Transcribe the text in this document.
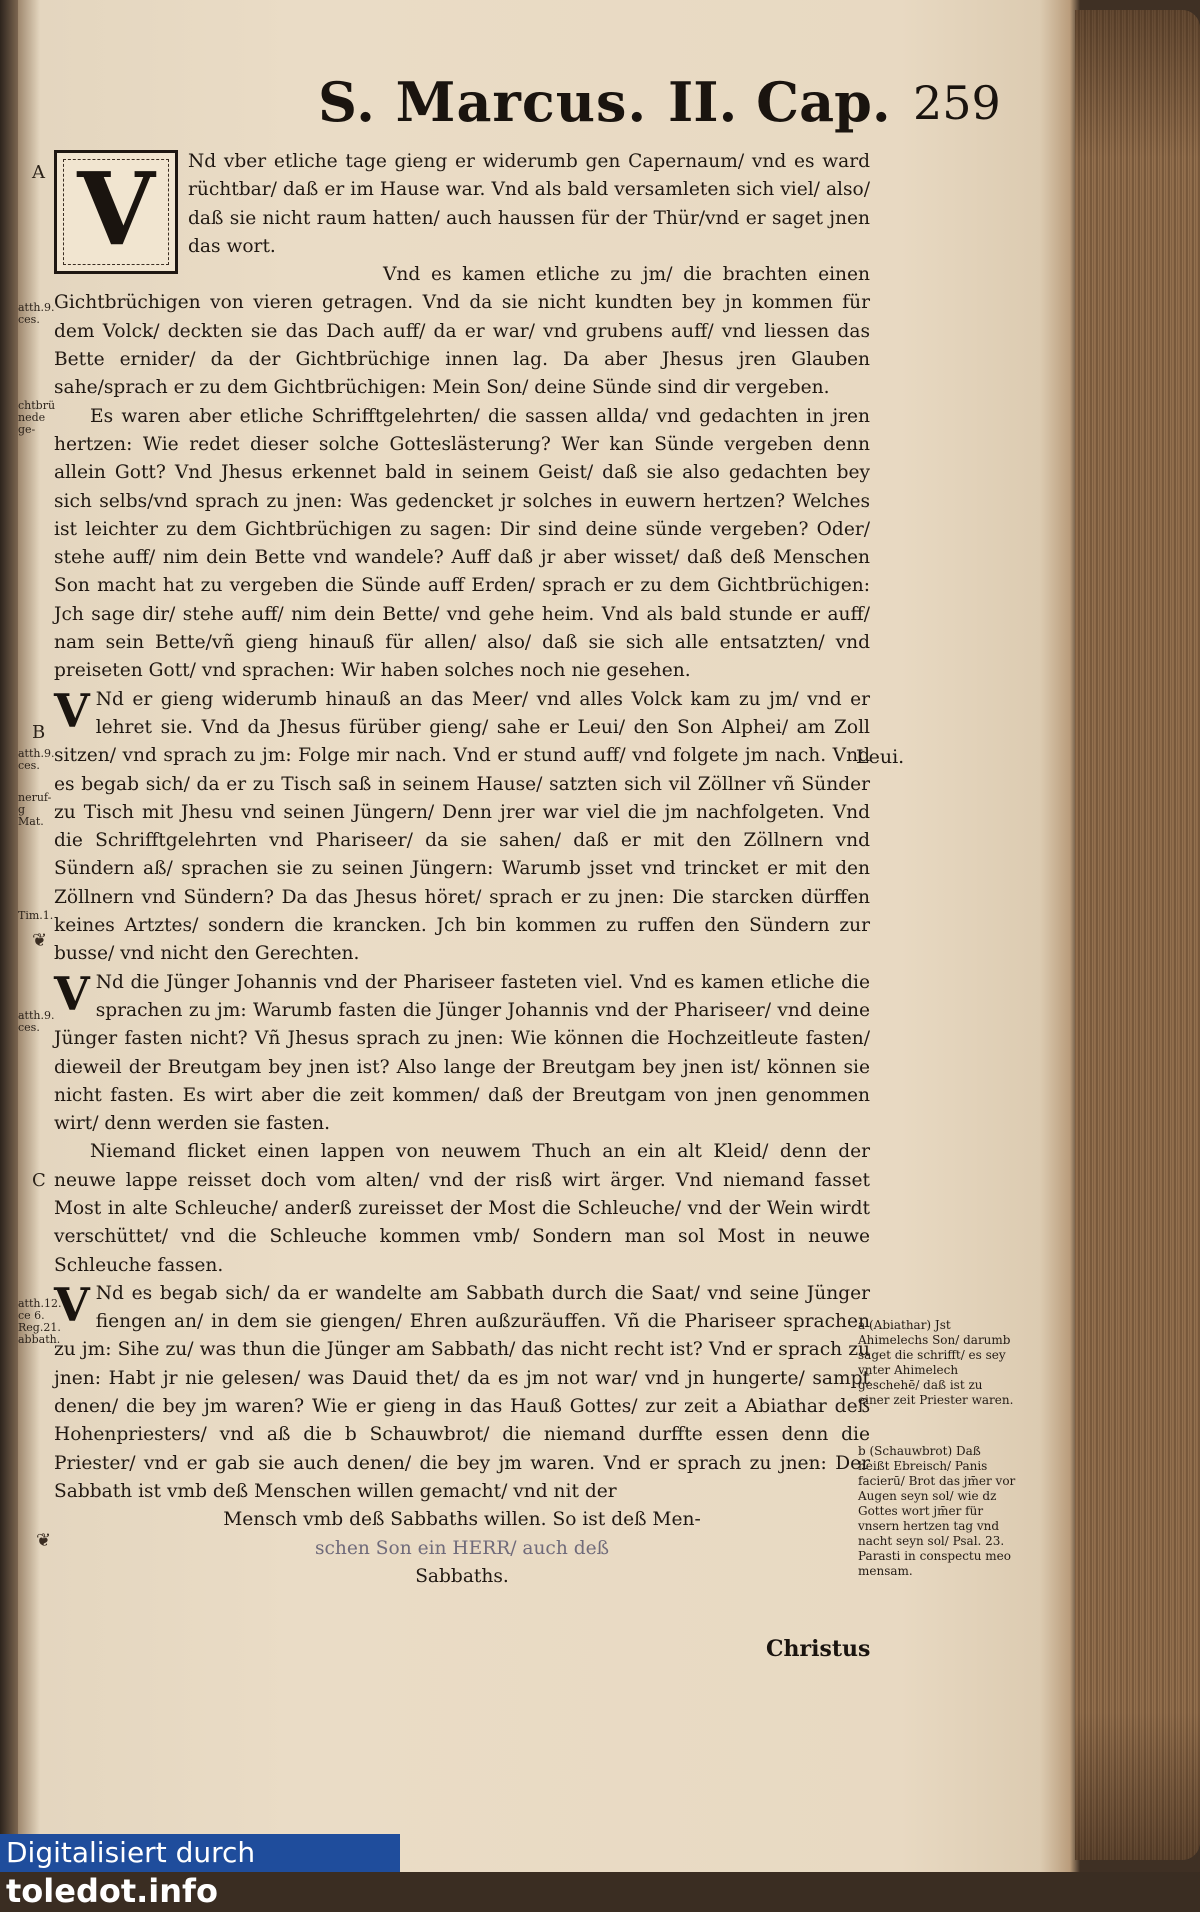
S. Marcus. II. Cap. 259
A
B
C
atth.9. ces.
chtbrü nede ge-
atth.9. ces.
neruf- g Mat.
Tim.1.
atth.9. ces.
atth.12. ce 6. Reg.21. abbath.
❦
❦

V	Nd vber etliche tage gieng er widerumb gen Capernaum/ vnd es ward rüchtbar/ daß er im Hause war. Vnd als bald versamleten sich viel/ also/ daß sie nicht raum hatten/ auch haussen für der Thür/vnd er saget jnen das wort.

Vnd es kamen etliche zu jm/ die brachten einen Gichtbrüchigen von vieren getragen. Vnd da sie nicht kundten bey jn kommen für dem Volck/ deckten sie das Dach auff/ da er war/ vnd grubens auff/ vnd liessen das Bette ernider/ da der Gichtbrüchige innen lag. Da aber Jhesus jren Glauben sahe/sprach er zu dem Gichtbrüchigen: Mein Son/ deine Sünde sind dir vergeben.

Es waren aber etliche Schrifftgelehrten/ die sassen allda/ vnd gedachten in jren hertzen: Wie redet dieser solche Gotteslästerung? Wer kan Sünde vergeben denn allein Gott? Vnd Jhesus erkennet bald in seinem Geist/ daß sie also gedachten bey sich selbs/vnd sprach zu jnen: Was gedencket jr solches in euwern hertzen? Welches ist leichter zu dem Gichtbrüchigen zu sagen: Dir sind deine sünde vergeben? Oder/ stehe auff/ nim dein Bette vnd wandele? Auff daß jr aber wisset/ daß deß Menschen Son macht hat zu vergeben die Sünde auff Erden/ sprach er zu dem Gichtbrüchigen: Jch sage dir/ stehe auff/ nim dein Bette/ vnd gehe heim. Vnd als bald stunde er auff/ nam sein Bette/vñ gieng hinauß für allen/ also/ daß sie sich alle entsatzten/ vnd preiseten Gott/ vnd sprachen: Wir haben solches noch nie gesehen.

V Nd er gieng widerumb hinauß an das Meer/ vnd alles Volck kam zu jm/ vnd er lehret sie. Vnd da Jhesus fürüber gieng/ sahe er Leui/ den Son Alphei/ am Zoll sitzen/ vnd sprach zu jm: Folge mir nach. Vnd er stund auff/ vnd folgete jm nach. Vnd es begab sich/ da er zu Tisch saß in seinem Hause/ satzten sich vil Zöllner vñ Sünder zu Tisch mit Jhesu vnd seinen Jüngern/ Denn jrer war viel die jm nachfolgeten. Vnd die Schrifftgelehrten vnd Phariseer/ da sie sahen/ daß er mit den Zöllnern vnd Sündern aß/ sprachen sie zu seinen Jüngern: Warumb jsset vnd trincket er mit den Zöllnern vnd Sündern? Da das Jhesus höret/ sprach er zu jnen: Die starcken dürffen keines Artztes/ sondern die krancken. Jch bin kommen zu ruffen den Sündern zur busse/ vnd nicht den Gerechten.

V Nd die Jünger Johannis vnd der Phariseer fasteten viel. Vnd es kamen etliche die sprachen zu jm: Warumb fasten die Jünger Johannis vnd der Phariseer/ vnd deine Jünger fasten nicht? Vñ Jhesus sprach zu jnen: Wie können die Hochzeitleute fasten/ dieweil der Breutgam bey jnen ist? Also lange der Breutgam bey jnen ist/ können sie nicht fasten. Es wirt aber die zeit kommen/ daß der Breutgam von jnen genommen wirt/ denn werden sie fasten.

Niemand flicket einen lappen von neuwem Thuch an ein alt Kleid/ denn der neuwe lappe reisset doch vom alten/ vnd der risß wirt ärger. Vnd niemand fasset Most in alte Schleuche/ anderß zureisset der Most die Schleuche/ vnd der Wein wirdt verschüttet/ vnd die Schleuche kommen vmb/ Sondern man sol Most in neuwe Schleuche fassen.

V Nd es begab sich/ da er wandelte am Sabbath durch die Saat/ vnd seine Jünger fiengen an/ in dem sie giengen/ Ehren außzuräuffen. Vñ die Phariseer sprachen zu jm: Sihe zu/ was thun die Jünger am Sabbath/ das nicht recht ist? Vnd er sprach zu jnen: Habt jr nie gelesen/ was Dauid thet/ da es jm not war/ vnd jn hungerte/ sampt denen/ die bey jm waren? Wie er gieng in das Hauß Gottes/ zur zeit a Abiathar deß Hohenpriesters/ vnd aß die b Schauwbrot/ die niemand durffte essen denn die Priester/ vnd er gab sie auch denen/ die bey jm waren. Vnd er sprach zu jnen: Der Sabbath ist vmb deß Menschen willen gemacht/ vnd nit der

Mensch vmb deß Sabbaths willen. So ist deß Men-
schen Son ein HERR/ auch deß
Sabbaths.
Leui.
a (Abiathar) Jst Ahimelechs Son/ darumb saget die schrifft/ es sey vnter Ahimelech geschehē/ daß ist zu einer zeit Priester waren.
b (Schauwbrot) Daß heißt Ebreisch/ Panis facierū/ Brot das jm̄er vor Augen seyn sol/ wie dz Gottes wort jm̄er für vnsern hertzen tag vnd nacht seyn sol/ Psal. 23. Parasti in conspectu meo mensam.
Christus
Digitalisiert durch toledot.info
